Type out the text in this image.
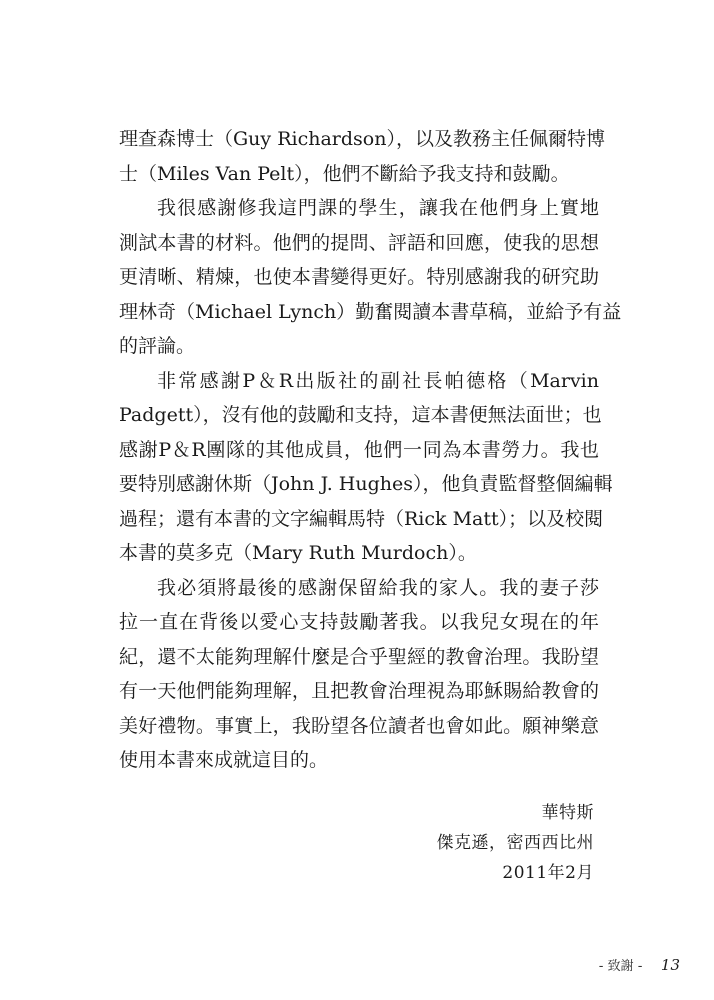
理查森博士（Guy Richardson），以及教務主任佩爾特博
士（Miles Van Pelt），他們不斷給予我支持和鼓勵。
我很感謝修我這門課的學生，讓我在他們身上實地
測試本書的材料。他們的提問、評語和回應，使我的思想
更清晰、精煉，也使本書變得更好。特別感謝我的研究助
理林奇（Michael Lynch）勤奮閱讀本書草稿，並給予有益
的評論。
非常感謝P＆R出版社的副社長帕德格（Marvin
Padgett），沒有他的鼓勵和支持，這本書便無法面世；也
感謝P＆R團隊的其他成員，他們一同為本書勞力。我也
要特別感謝休斯（John J. Hughes），他負責監督整個編輯
過程；還有本書的文字編輯馬特（Rick Matt）；以及校閱
本書的莫多克（Mary Ruth Murdoch）。
我必須將最後的感謝保留給我的家人。我的妻子莎
拉一直在背後以愛心支持鼓勵著我。以我兒女現在的年
紀，還不太能夠理解什麼是合乎聖經的教會治理。我盼望
有一天他們能夠理解，且把教會治理視為耶穌賜給教會的
美好禮物。事實上，我盼望各位讀者也會如此。願神樂意
使用本書來成就這目的。
華特斯
傑克遜，密西西比州
2011年2月
- 致謝 - 13
